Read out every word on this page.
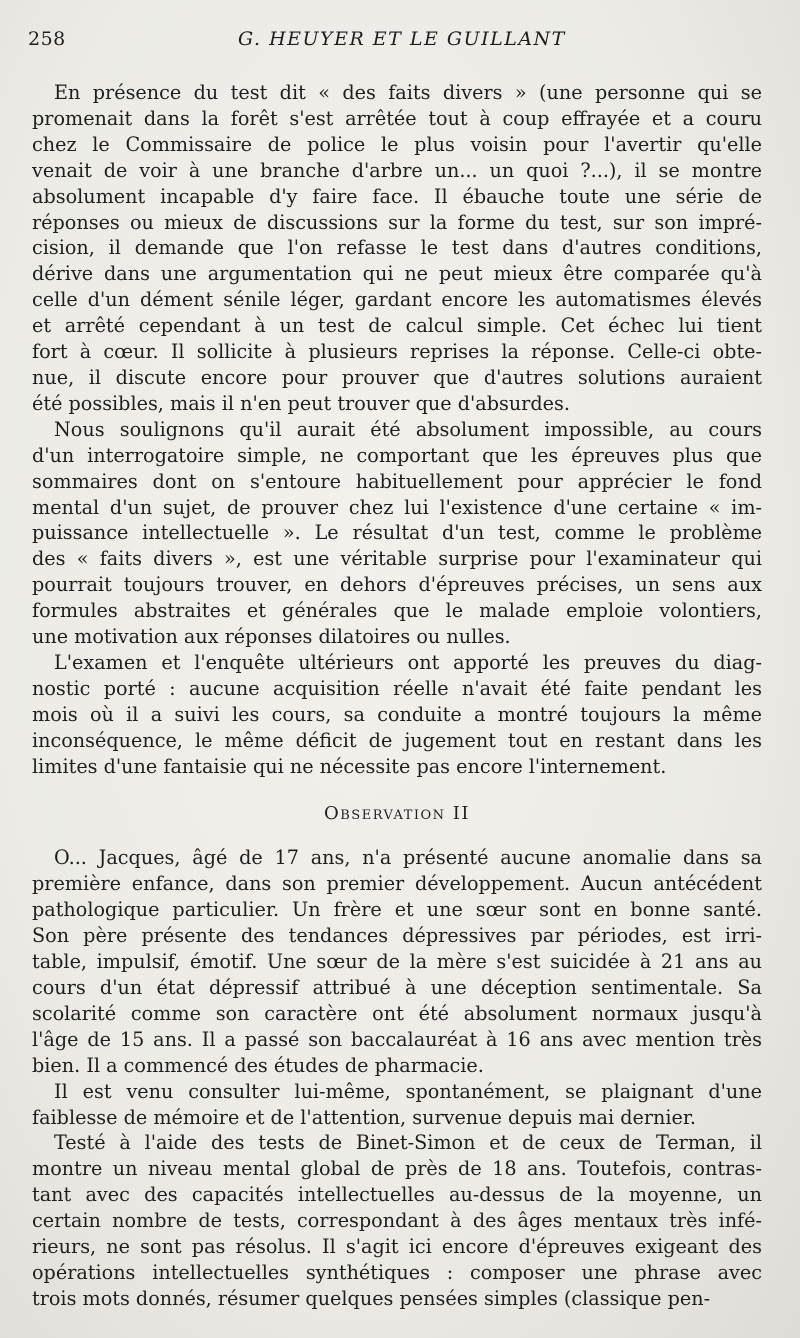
258	G. HEUYER ET LE GUILLANT

En présence du test dit « des faits divers » (une personne qui se
promenait dans la forêt s'est arrêtée tout à coup effrayée et a couru
chez le Commissaire de police le plus voisin pour l'avertir qu'elle
venait de voir à une branche d'arbre un... un quoi ?...), il se montre
absolument incapable d'y faire face. Il ébauche toute une série de
réponses ou mieux de discussions sur la forme du test, sur son impré-
cision, il demande que l'on refasse le test dans d'autres conditions,
dérive dans une argumentation qui ne peut mieux être comparée qu'à
celle d'un dément sénile léger, gardant encore les automatismes élevés
et arrêté cependant à un test de calcul simple. Cet échec lui tient
fort à cœur. Il sollicite à plusieurs reprises la réponse. Celle-ci obte-
nue, il discute encore pour prouver que d'autres solutions auraient
été possibles, mais il n'en peut trouver que d'absurdes.

Nous soulignons qu'il aurait été absolument impossible, au cours
d'un interrogatoire simple, ne comportant que les épreuves plus que
sommaires dont on s'entoure habituellement pour apprécier le fond
mental d'un sujet, de prouver chez lui l'existence d'une certaine « im-
puissance intellectuelle ». Le résultat d'un test, comme le problème
des « faits divers », est une véritable surprise pour l'examinateur qui
pourrait toujours trouver, en dehors d'épreuves précises, un sens aux
formules abstraites et générales que le malade emploie volontiers,
une motivation aux réponses dilatoires ou nulles.

L'examen et l'enquête ultérieurs ont apporté les preuves du diag-
nostic porté : aucune acquisition réelle n'avait été faite pendant les
mois où il a suivi les cours, sa conduite a montré toujours la même
inconséquence, le même déficit de jugement tout en restant dans les
limites d'une fantaisie qui ne nécessite pas encore l'internement.

Observation II

O... Jacques, âgé de 17 ans, n'a présenté aucune anomalie dans sa
première enfance, dans son premier développement. Aucun antécédent
pathologique particulier. Un frère et une sœur sont en bonne santé.
Son père présente des tendances dépressives par périodes, est irri-
table, impulsif, émotif. Une sœur de la mère s'est suicidée à 21 ans au
cours d'un état dépressif attribué à une déception sentimentale. Sa
scolarité comme son caractère ont été absolument normaux jusqu'à
l'âge de 15 ans. Il a passé son baccalauréat à 16 ans avec mention très
bien. Il a commencé des études de pharmacie.

Il est venu consulter lui-même, spontanément, se plaignant d'une
faiblesse de mémoire et de l'attention, survenue depuis mai dernier.

Testé à l'aide des tests de Binet-Simon et de ceux de Terman, il
montre un niveau mental global de près de 18 ans. Toutefois, contras-
tant avec des capacités intellectuelles au-dessus de la moyenne, un
certain nombre de tests, correspondant à des âges mentaux très infé-
rieurs, ne sont pas résolus. Il s'agit ici encore d'épreuves exigeant des
opérations intellectuelles synthétiques : composer une phrase avec
trois mots donnés, résumer quelques pensées simples (classique pen-
